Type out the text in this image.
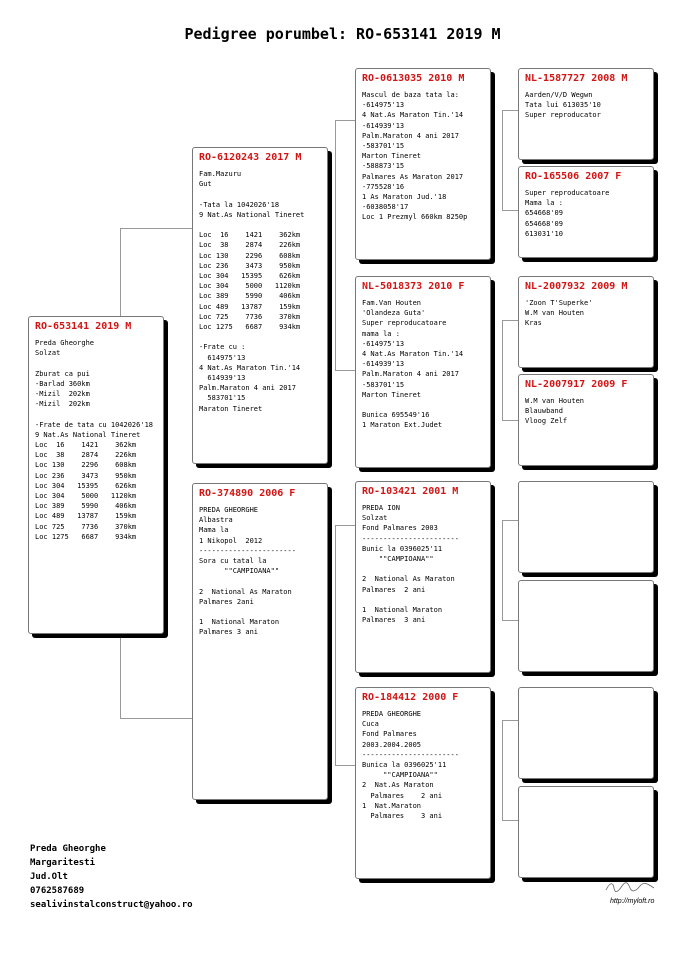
Pedigree porumbel: RO-653141 2019 M
RO-653141 2019 M
Preda Gheorghe
Solzat

Zburat ca pui
-Barlad 360km
-Mizil  202km
-Mizil  202km

-Frate de tata cu 1042026'18
9 Nat.As National Tineret
Loc  16    1421    362km
Loc  38    2874    226km
Loc 130    2296    608km
Loc 236    3473    950km
Loc 304   15395    626km
Loc 304    5000   1120km
Loc 389    5990    406km
Loc 489   13787    159km
Loc 725    7736    370km
Loc 1275   6687    934km
RO-6120243 2017 M
Fam.Mazuru
Gut

-Tata la 1042026'18
9 Nat.As National Tineret

Loc  16    1421    362km
Loc  38    2874    226km
Loc 130    2296    608km
Loc 236    3473    950km
Loc 304   15395    626km
Loc 304    5000   1120km
Loc 389    5990    406km
Loc 489   13787    159km
Loc 725    7736    370km
Loc 1275   6687    934km

-Frate cu :
614975'13
4 Nat.As Maraton Tin.'14
614939'13
Palm.Maraton 4 ani 2017
583701'15
Maraton Tineret
RO-374890 2006 F
PREDA GHEORGHE
Albastra
Mama la
1 Nikopol  2012
-----------------------
Sora cu tatal la
""CAMPIOANA""

2  National As Maraton
Palmares 2ani

1  National Maraton
Palmares 3 ani
RO-0613035 2010 M
Mascul de baza tata la:
-614975'13
4 Nat.As Maraton Tin.'14
-614939'13
Palm.Maraton 4 ani 2017
-583701'15
Marton Tineret
-588873'15
Palmares As Maraton 2017
-775528'16
1 As Maraton Jud.'18
-6038058'17
Loc 1 Prezmyl 660km 8250p
NL-5018373 2010 F
Fam.Van Houten
'Olandeza Guta'
Super reproducatoare
mama la :
-614975'13
4 Nat.As Maraton Tin.'14
-614939'13
Palm.Maraton 4 ani 2017
-583701'15
Marton Tineret

Bunica 695549'16
1 Maraton Ext.Judet
RO-103421 2001 M
PREDA ION
Solzat
Fond Palmares 2003
-----------------------
Bunic la 0396025'11
""CAMPIOANA""

2  National As Maraton
Palmares  2 ani

1  National Maraton
Palmares  3 ani
RO-184412 2000 F
PREDA GHEORGHE
Cuca
Fond Palmares
2003.2004.2005
-----------------------
Bunica la 0396025'11
""CAMPIOANA""
2  Nat.As Maraton
Palmares    2 ani
1  Nat.Maraton
Palmares    3 ani
NL-1587727 2008 M
Aarden/V/D Wegwn
Tata lui 613035'10
Super reproducator
RO-165506 2007 F
Super reproducatoare
Mama la :
654668'09
654668'09
613031'10
NL-2007932 2009 M
'Zoon T'Superke'
W.M van Houten
Kras
NL-2007917 2009 F
W.M van Houten
Blauwband
Vloog Zelf
Preda Gheorghe
Margaritesti
Jud.Olt
0762587689
sealivinstalconstruct@yahoo.ro	http://myloft.ro
